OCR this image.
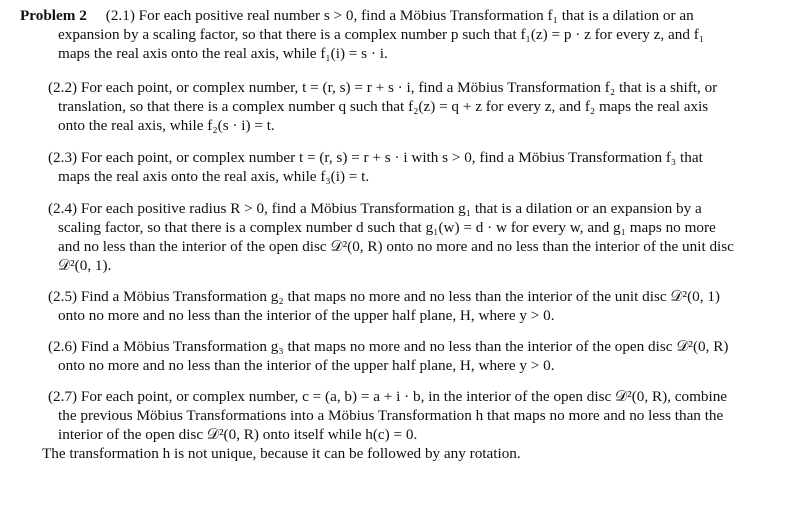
Problem 2 (2.1) For each positive real number s > 0, find a Möbius Transformation f₁ that is a dilation or an
expansion by a scaling factor, so that there is a complex number p such that f₁(z) = p · z for every z, and f₁
maps the real axis onto the real axis, while f₁(i) = s · i.
(2.2) For each point, or complex number, t = (r, s) = r + s · i, find a Möbius Transformation f₂ that is a shift, or
translation, so that there is a complex number q such that f₂(z) = q + z for every z, and f₂ maps the real axis
onto the real axis, while f₂(s · i) = t.
(2.3) For each point, or complex number t = (r, s) = r + s · i with s > 0, find a Möbius Transformation f₃ that
maps the real axis onto the real axis, while f₃(i) = t.
(2.4) For each positive radius R > 0, find a Möbius Transformation g₁ that is a dilation or an expansion by a
scaling factor, so that there is a complex number d such that g₁(w) = d · w for every w, and g₁ maps no more
and no less than the interior of the open disc 𝒟²(0, R) onto no more and no less than the interior of the unit disc
𝒟²(0, 1).
(2.5) Find a Möbius Transformation g₂ that maps no more and no less than the interior of the unit disc 𝒟²(0, 1)
onto no more and no less than the interior of the upper half plane, H, where y > 0.
(2.6) Find a Möbius Transformation g₃ that maps no more and no less than the interior of the open disc 𝒟²(0, R)
onto no more and no less than the interior of the upper half plane, H, where y > 0.
(2.7) For each point, or complex number, c = (a, b) = a + i · b, in the interior of the open disc 𝒟²(0, R), combine
the previous Möbius Transformations into a Möbius Transformation h that maps no more and no less than the
interior of the open disc 𝒟²(0, R) onto itself while h(c) = 0.
The transformation h is not unique, because it can be followed by any rotation.
